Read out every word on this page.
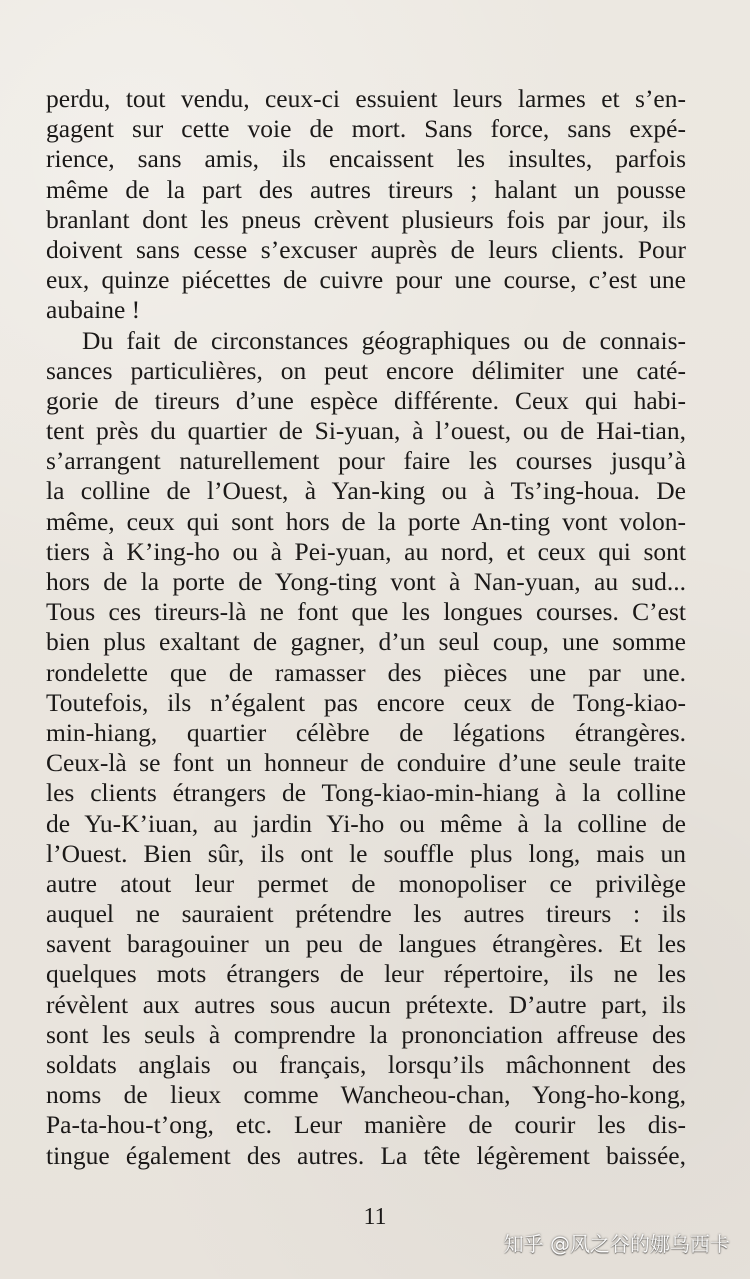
perdu, tout vendu, ceux-ci essuient leurs larmes et s’en-
gagent sur cette voie de mort. Sans force, sans expé-
rience, sans amis, ils encaissent les insultes, parfois
même de la part des autres tireurs ; halant un pousse
branlant dont les pneus crèvent plusieurs fois par jour, ils
doivent sans cesse s’excuser auprès de leurs clients. Pour
eux, quinze piécettes de cuivre pour une course, c’est une
aubaine !
Du fait de circonstances géographiques ou de connais-
sances particulières, on peut encore délimiter une caté-
gorie de tireurs d’une espèce différente. Ceux qui habi-
tent près du quartier de Si-yuan, à l’ouest, ou de Hai-tian,
s’arrangent naturellement pour faire les courses jusqu’à
la colline de l’Ouest, à Yan-king ou à Ts’ing-houa. De
même, ceux qui sont hors de la porte An-ting vont volon-
tiers à K’ing-ho ou à Pei-yuan, au nord, et ceux qui sont
hors de la porte de Yong-ting vont à Nan-yuan, au sud...
Tous ces tireurs-là ne font que les longues courses. C’est
bien plus exaltant de gagner, d’un seul coup, une somme
rondelette que de ramasser des pièces une par une.
Toutefois, ils n’égalent pas encore ceux de Tong-kiao-
min-hiang, quartier célèbre de légations étrangères.
Ceux-là se font un honneur de conduire d’une seule traite
les clients étrangers de Tong-kiao-min-hiang à la colline
de Yu-K’iuan, au jardin Yi-ho ou même à la colline de
l’Ouest. Bien sûr, ils ont le souffle plus long, mais un
autre atout leur permet de monopoliser ce privilège
auquel ne sauraient prétendre les autres tireurs : ils
savent baragouiner un peu de langues étrangères. Et les
quelques mots étrangers de leur répertoire, ils ne les
révèlent aux autres sous aucun prétexte. D’autre part, ils
sont les seuls à comprendre la prononciation affreuse des
soldats anglais ou français, lorsqu’ils mâchonnent des
noms de lieux comme Wancheou-chan, Yong-ho-kong,
Pa-ta-hou-t’ong, etc. Leur manière de courir les dis-
tingue également des autres. La tête légèrement baissée,
11
知乎 @风之谷的娜乌西卡
